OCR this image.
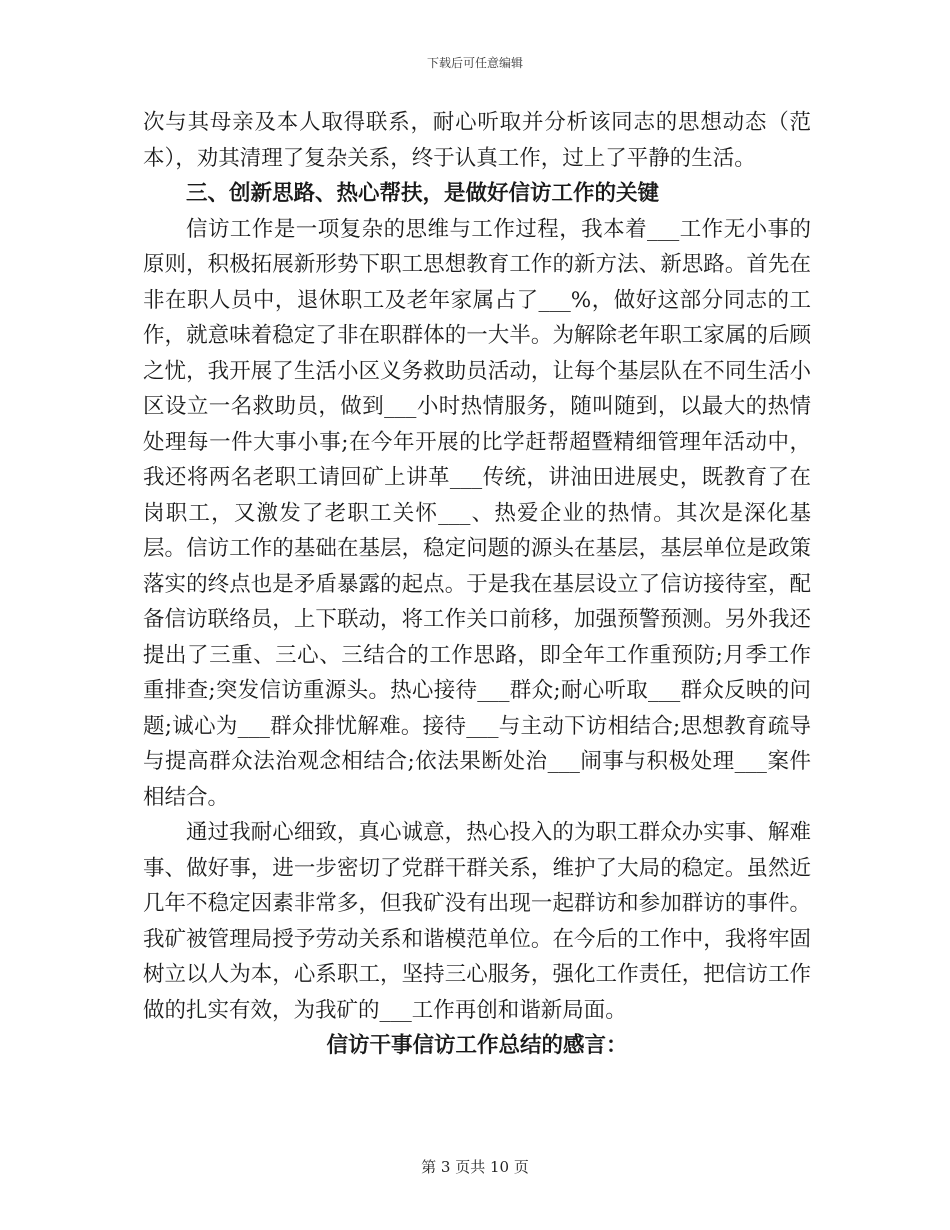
下载后可任意编辑

次与其母亲及本人取得联系，耐心听取并分析该同志的思想动态（范本），劝其清理了复杂关系，终于认真工作，过上了平静的生活。

三、创新思路、热心帮扶，是做好信访工作的关键

信访工作是一项复杂的思维与工作过程，我本着___工作无小事的原则，积极拓展新形势下职工思想教育工作的新方法、新思路。首先在非在职人员中，退休职工及老年家属占了___%，做好这部分同志的工作，就意味着稳定了非在职群体的一大半。为解除老年职工家属的后顾之忧，我开展了生活小区义务救助员活动，让每个基层队在不同生活小区设立一名救助员，做到___小时热情服务，随叫随到，以最大的热情处理每一件大事小事;在今年开展的比学赶帮超暨精细管理年活动中，我还将两名老职工请回矿上讲革___传统，讲油田进展史，既教育了在岗职工，又激发了老职工关怀___、热爱企业的热情。其次是深化基层。信访工作的基础在基层，稳定问题的源头在基层，基层单位是政策落实的终点也是矛盾暴露的起点。于是我在基层设立了信访接待室，配备信访联络员，上下联动，将工作关口前移，加强预警预测。另外我还提出了三重、三心、三结合的工作思路，即全年工作重预防;月季工作重排查;突发信访重源头。热心接待___群众;耐心听取___群众反映的问题;诚心为___群众排忧解难。接待___与主动下访相结合;思想教育疏导与提高群众法治观念相结合;依法果断处治___闹事与积极处理___案件相结合。

通过我耐心细致，真心诚意，热心投入的为职工群众办实事、解难事、做好事，进一步密切了党群干群关系，维护了大局的稳定。虽然近几年不稳定因素非常多，但我矿没有出现一起群访和参加群访的事件。我矿被管理局授予劳动关系和谐模范单位。在今后的工作中，我将牢固树立以人为本，心系职工，坚持三心服务，强化工作责任，把信访工作做的扎实有效，为我矿的___工作再创和谐新局面。

信访干事信访工作总结的感言：

第 3 页共 10 页
